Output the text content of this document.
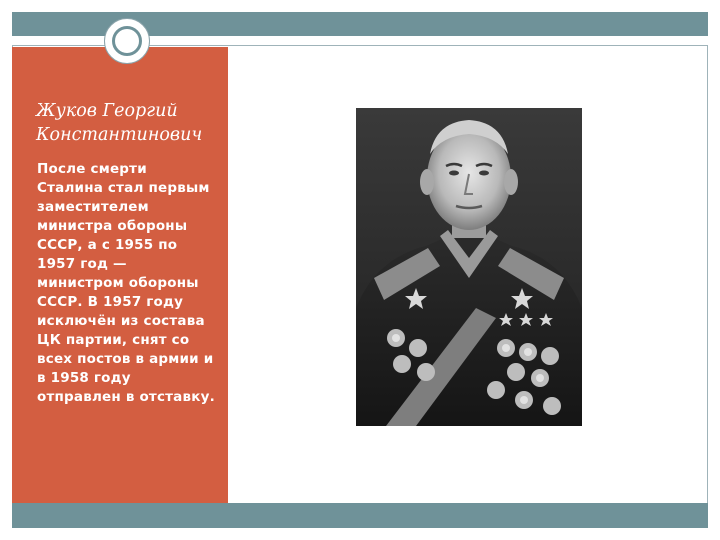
Жуков Георгий Константинович

После смерти Сталина стал первым заместителем министра обороны СССР, а с 1955 по 1957 год — министром обороны СССР. В 1957 году исключён из состава ЦК партии, снят со всех постов в армии и в 1958 году отправлен в отставку.
